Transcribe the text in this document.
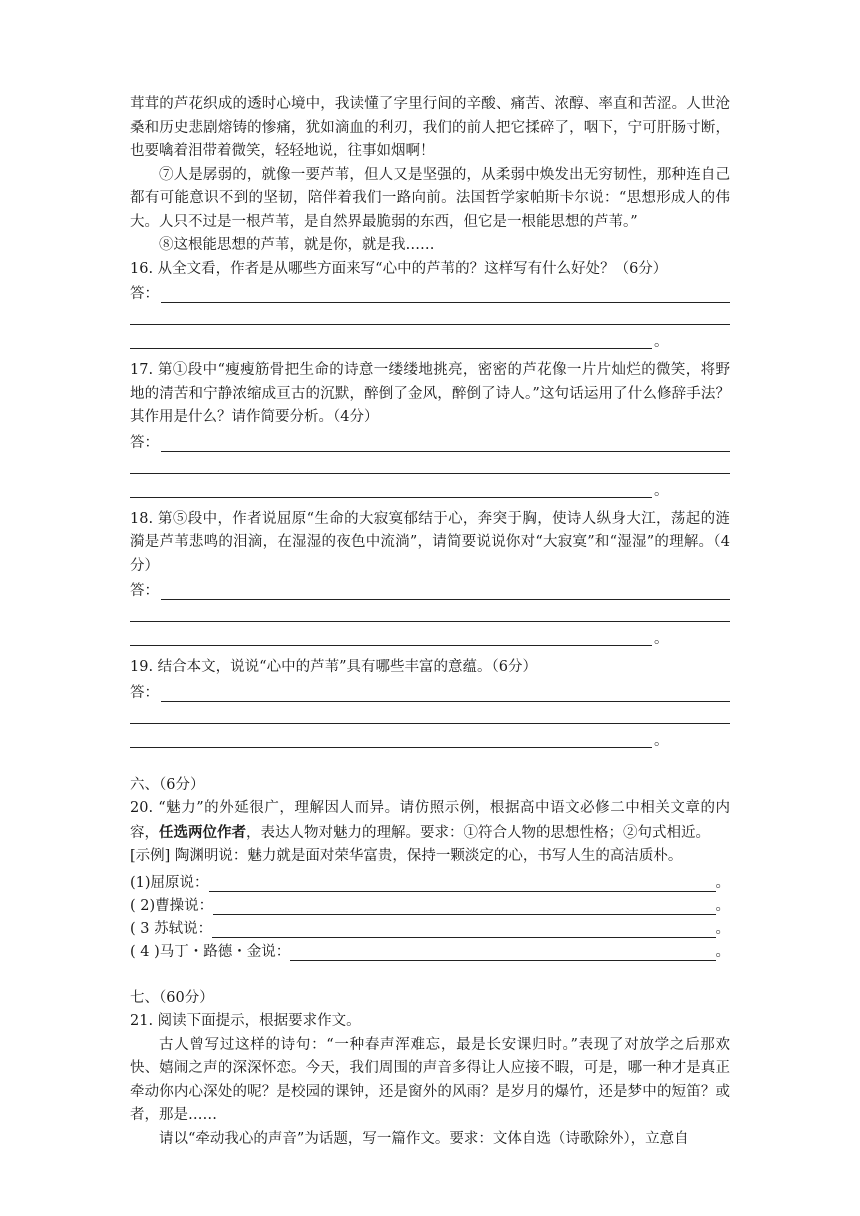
茸茸的芦花织成的透时心境中，我读懂了字里行间的辛酸、痛苦、浓醇、率直和苦涩。人世沧桑和历史悲剧熔铸的惨痛，犹如滴血的利刃，我们的前人把它揉碎了，咽下，宁可肝肠寸断，也要噙着泪带着微笑，轻轻地说，往事如烟啊！

⑦人是孱弱的，就像一要芦苇，但人又是坚强的，从柔弱中焕发出无穷韧性，那种连自己都有可能意识不到的坚韧，陪伴着我们一路向前。法国哲学家帕斯卡尔说：“思想形成人的伟大。人只不过是一根芦苇，是自然界最脆弱的东西，但它是一根能思想的芦苇。”

⑧这根能思想的芦苇，就是你，就是我……

16. 从全文看，作者是从哪些方面来写“心中的芦苇的？这样写有什么好处？（6分）

答：
。

17. 第①段中“瘦瘦筋骨把生命的诗意一缕缕地挑亮，密密的芦花像一片片灿烂的微笑，将野地的清苦和宁静浓缩成亘古的沉默，醉倒了金风，醉倒了诗人。”这句话运用了什么修辞手法？其作用是什么？请作简要分析。（4分）

答：
。

18. 第⑤段中，作者说屈原“生命的大寂寞郁结于心，奔突于胸，使诗人纵身大江，荡起的涟漪是芦苇悲鸣的泪滴，在湿湿的夜色中流淌”，请简要说说你对“大寂寞”和“湿湿”的理解。（4分）

答：
。

19. 结合本文，说说“心中的芦苇”具有哪些丰富的意蕴。（6分）

答：
。

六、（6分）

20. “魅力”的外延很广，理解因人而异。请仿照示例，根据高中语文必修二中相关文章的内容，任选两位作者，表达人物对魅力的理解。要求：①符合人物的思想性格；②句式相近。

[示例] 陶渊明说：魅力就是面对荣华富贵，保持一颗淡定的心，书写人生的高洁质朴。

(1)屈原说：	。
( 2)曹操说：	。
( 3 苏轼说：	。
( 4 )马丁・路德・金说：	。

七、（60分）

21. 阅读下面提示，根据要求作文。

古人曾写过这样的诗句：“一种春声浑难忘，最是长安课归时。”表现了对放学之后那欢快、嬉闹之声的深深怀恋。今天，我们周围的声音多得让人应接不暇，可是，哪一种才是真正牵动你内心深处的呢？是校园的课钟，还是窗外的风雨？是岁月的爆竹，还是梦中的短笛？或者，那是……

请以“牵动我心的声音”为话题，写一篇作文。要求：文体自选（诗歌除外），立意自
